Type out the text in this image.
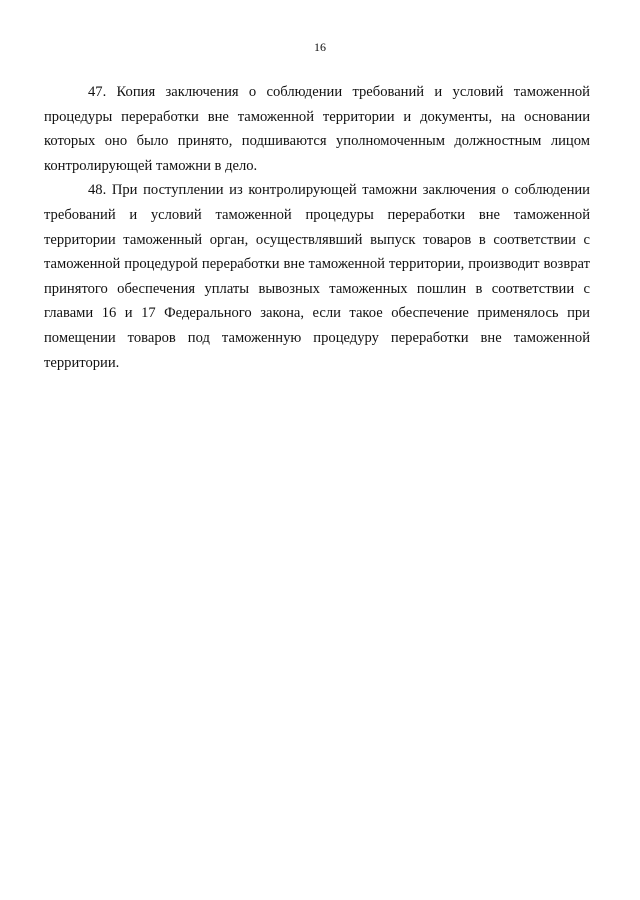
16

47. Копия заключения о соблюдении требований и условий таможенной процедуры переработки вне таможенной территории и документы, на основании которых оно было принято, подшиваются уполномоченным должностным лицом контролирующей таможни в дело.

48. При поступлении из контролирующей таможни заключения о соблюдении требований и условий таможенной процедуры переработки вне таможенной территории таможенный орган, осуществлявший выпуск товаров в соответствии с таможенной процедурой переработки вне таможенной территории, производит возврат принятого обеспечения уплаты вывозных таможенных пошлин в соответствии с главами 16 и 17 Федерального закона, если такое обеспечение применялось при помещении товаров под таможенную процедуру переработки вне таможенной территории.
